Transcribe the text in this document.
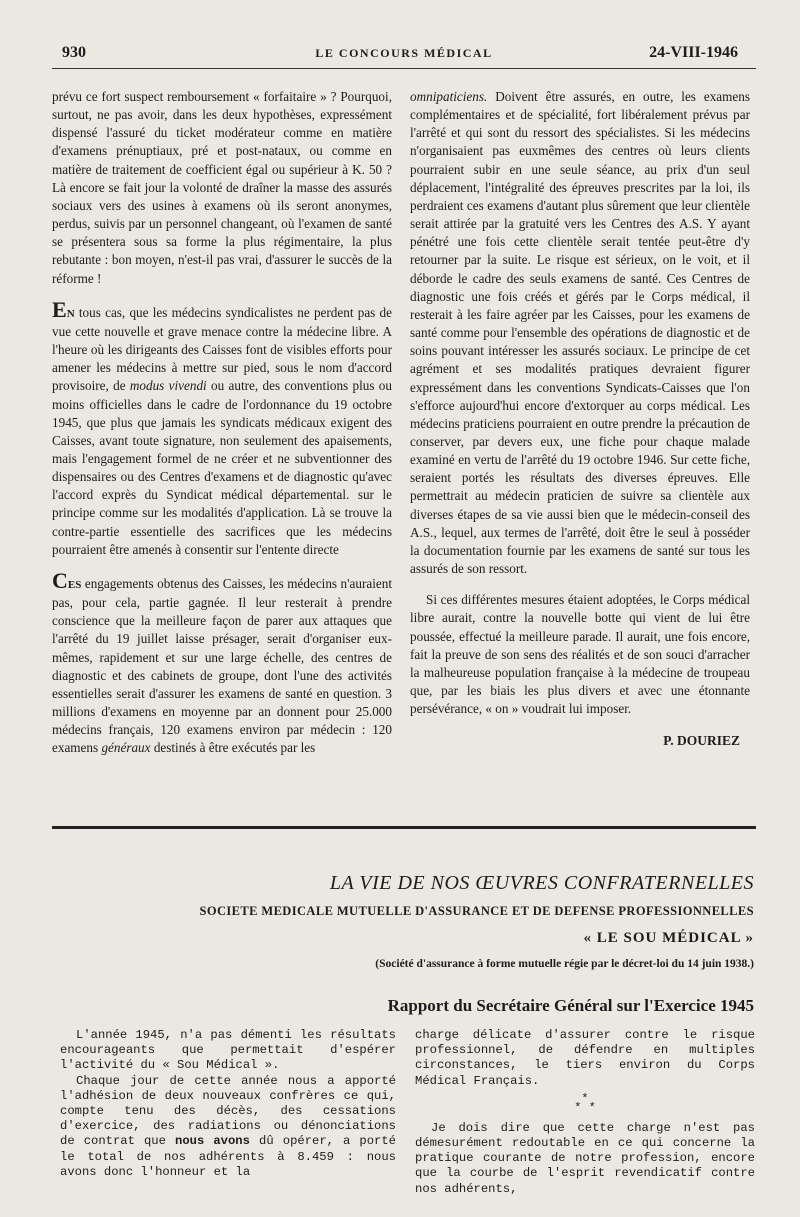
930	LE CONCOURS MÉDICAL	24-VIII-1946

prévu ce fort suspect remboursement « forfaitaire » ? Pourquoi, surtout, ne pas avoir, dans les deux hypothèses, expressément dispensé l'assuré du ticket modérateur comme en matière d'examens prénuptiaux, pré et post-nataux, ou comme en matière de traitement de coefficient égal ou supérieur à K. 50 ? Là encore se fait jour la volonté de draîner la masse des assurés sociaux vers des usines à examens où ils seront anonymes, perdus, suivis par un personnel changeant, où l'examen de santé se présentera sous sa forme la plus régimentaire, la plus rebutante : bon moyen, n'est-il pas vrai, d'assurer le succès de la réforme !

EN tous cas, que les médecins syndicalistes ne perdent pas de vue cette nouvelle et grave menace contre la médecine libre. A l'heure où les dirigeants des Caisses font de visibles efforts pour amener les médecins à mettre sur pied, sous le nom d'accord provisoire, de modus vivendi ou autre, des conventions plus ou moins officielles dans le cadre de l'ordonnance du 19 octobre 1945, que plus que jamais les syndicats médicaux exigent des Caisses, avant toute signature, non seulement des apaisements, mais l'engagement formel de ne créer et ne subventionner des dispensaires ou des Centres d'examens et de diagnostic qu'avec l'accord exprès du Syndicat médical départemental. sur le principe comme sur les modalités d'application. Là se trouve la contre-partie essentielle des sacrifices que les médecins pourraient être amenés à consentir sur l'entente directe

CES engagements obtenus des Caisses, les médecins n'auraient pas, pour cela, partie gagnée. Il leur resterait à prendre conscience que la meilleure façon de parer aux attaques que l'arrêté du 19 juillet laisse présager, serait d'organiser eux-mêmes, rapidement et sur une large échelle, des centres de diagnostic et des cabinets de groupe, dont l'une des activités essentielles serait d'assurer les examens de santé en question. 3 millions d'examens en moyenne par an donnent pour 25.000 médecins français, 120 examens environ par médecin : 120 examens généraux destinés à être exécutés par les

omnipaticiens. Doivent être assurés, en outre, les examens complémentaires et de spécialité, fort libéralement prévus par l'arrêté et qui sont du ressort des spécialistes. Si les médecins n'organisaient pas euxmêmes des centres où leurs clients pourraient subir en une seule séance, au prix d'un seul déplacement, l'intégralité des épreuves prescrites par la loi, ils perdraient ces examens d'autant plus sûrement que leur clientèle serait attirée par la gratuité vers les Centres des A.S. Y ayant pénétré une fois cette clientèle serait tentée peut-être d'y retourner par la suite. Le risque est sérieux, on le voit, et il déborde le cadre des seuls examens de santé. Ces Centres de diagnostic une fois créés et gérés par le Corps médical, il resterait à les faire agréer par les Caisses, pour les examens de santé comme pour l'ensemble des opérations de diagnostic et de soins pouvant intéresser les assurés sociaux. Le principe de cet agrément et ses modalités pratiques devraient figurer expressément dans les conventions Syndicats-Caisses que l'on s'efforce aujourd'hui encore d'extorquer au corps médical. Les médecins praticiens pourraient en outre prendre la précaution de conserver, par devers eux, une fiche pour chaque malade examiné en vertu de l'arrêté du 19 octobre 1946. Sur cette fiche, seraient portés les résultats des diverses épreuves. Elle permettrait au médecin praticien de suivre sa clientèle aux diverses étapes de sa vie aussi bien que le médecin-conseil des A.S., lequel, aux termes de l'arrêté, doit être le seul à posséder la documentation fournie par les examens de santé sur tous les assurés de son ressort.

Si ces différentes mesures étaient adoptées, le Corps médical libre aurait, contre la nouvelle botte qui vient de lui être poussée, effectué la meilleure parade. Il aurait, une fois encore, fait la preuve de son sens des réalités et de son souci d'arracher la malheureuse population française à la médecine de troupeau que, par les biais les plus divers et avec une étonnante persévérance, « on » voudrait lui imposer.

P. DOURIEZ
LA VIE DE NOS ŒUVRES CONFRATERNELLES
SOCIETE MEDICALE MUTUELLE D'ASSURANCE ET DE DEFENSE PROFESSIONNELLES
« LE SOU MÉDICAL »
(Société d'assurance à forme mutuelle régie par le décret-loi du 14 juin 1938.)
Rapport du Secrétaire Général sur l'Exercice 1945

L'année 1945, n'a pas démenti les résultats encourageants que permettait d'espérer l'activité du « Sou Médical ».

Chaque jour de cette année nous a apporté l'adhésion de deux nouveaux confrères ce qui, compte tenu des décès, des cessations d'exercice, des radiations ou dénonciations de contrat que nous avons dû opérer, a porté le total de nos adhérents à 8.459 : nous avons donc l'honneur et la

charge délicate d'assurer contre le risque professionnel, de défendre en multiples circonstances, le tiers environ du Corps Médical Français.

*
* *

Je dois dire que cette charge n'est pas démesurément redoutable en ce qui concerne la pratique courante de notre profession, encore que la courbe de l'esprit revendicatif contre nos adhérents,
